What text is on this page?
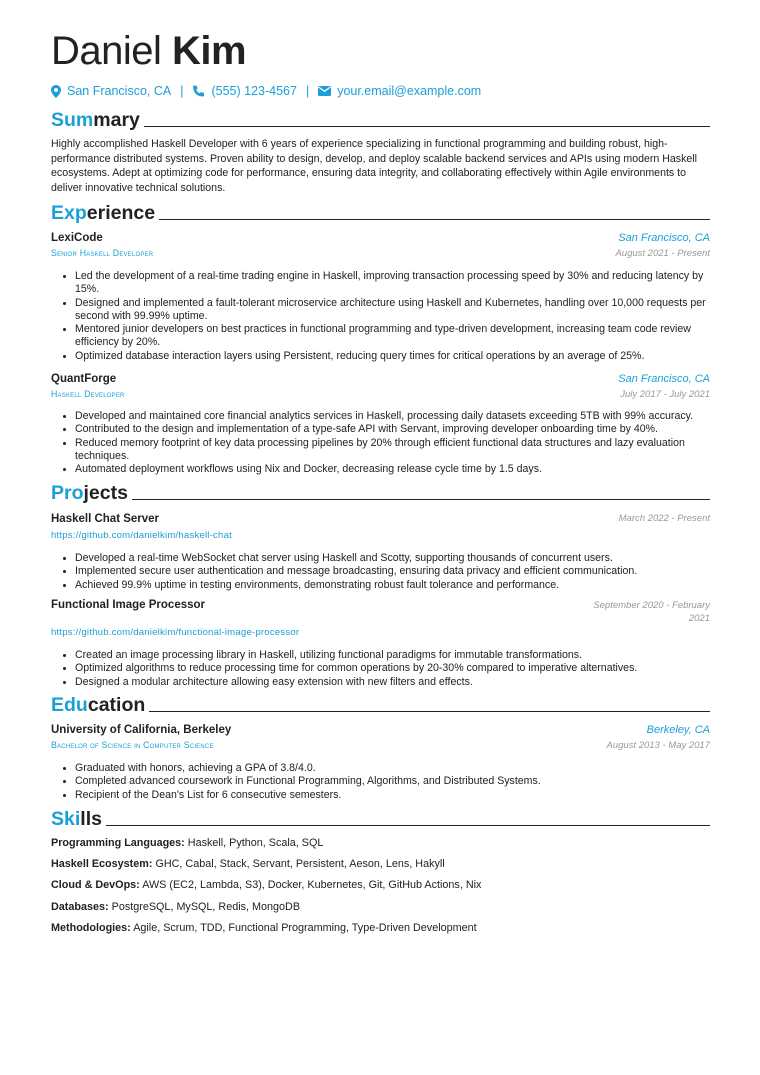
Daniel Kim
San Francisco, CA | (555) 123-4567 | your.email@example.com
Summary
Highly accomplished Haskell Developer with 6 years of experience specializing in functional programming and building robust, high-performance distributed systems. Proven ability to design, develop, and deploy scalable backend services and APIs using modern Haskell ecosystems. Adept at optimizing code for performance, ensuring data integrity, and collaborating effectively within Agile environments to deliver innovative technical solutions.
Experience
LexiCode	San Francisco, CA
Senior Haskell Developer	August 2021 - Present
• Led the development of a real-time trading engine in Haskell, improving transaction processing speed by 30% and reducing latency by 15%.
• Designed and implemented a fault-tolerant microservice architecture using Haskell and Kubernetes, handling over 10,000 requests per second with 99.99% uptime.
• Mentored junior developers on best practices in functional programming and type-driven development, increasing team code review efficiency by 20%.
• Optimized database interaction layers using Persistent, reducing query times for critical operations by an average of 25%.
QuantForge	San Francisco, CA
Haskell Developer	July 2017 - July 2021
• Developed and maintained core financial analytics services in Haskell, processing daily datasets exceeding 5TB with 99% accuracy.
• Contributed to the design and implementation of a type-safe API with Servant, improving developer onboarding time by 40%.
• Reduced memory footprint of key data processing pipelines by 20% through efficient functional data structures and lazy evaluation techniques.
• Automated deployment workflows using Nix and Docker, decreasing release cycle time by 1.5 days.
Projects
Haskell Chat Server	March 2022 - Present
https://github.com/danielkim/haskell-chat
• Developed a real-time WebSocket chat server using Haskell and Scotty, supporting thousands of concurrent users.
• Implemented secure user authentication and message broadcasting, ensuring data privacy and efficient communication.
• Achieved 99.9% uptime in testing environments, demonstrating robust fault tolerance and performance.
Functional Image Processor	September 2020 - February
2021
https://github.com/danielkim/functional-image-processor
• Created an image processing library in Haskell, utilizing functional paradigms for immutable transformations.
• Optimized algorithms to reduce processing time for common operations by 20-30% compared to imperative alternatives.
• Designed a modular architecture allowing easy extension with new filters and effects.
Education
University of California, Berkeley	Berkeley, CA
Bachelor of Science in Computer Science	August 2013 - May 2017
• Graduated with honors, achieving a GPA of 3.8/4.0.
• Completed advanced coursework in Functional Programming, Algorithms, and Distributed Systems.
• Recipient of the Dean's List for 6 consecutive semesters.
Skills
Programming Languages: Haskell, Python, Scala, SQL
Haskell Ecosystem: GHC, Cabal, Stack, Servant, Persistent, Aeson, Lens, Hakyll
Cloud & DevOps: AWS (EC2, Lambda, S3), Docker, Kubernetes, Git, GitHub Actions, Nix
Databases: PostgreSQL, MySQL, Redis, MongoDB
Methodologies: Agile, Scrum, TDD, Functional Programming, Type-Driven Development
